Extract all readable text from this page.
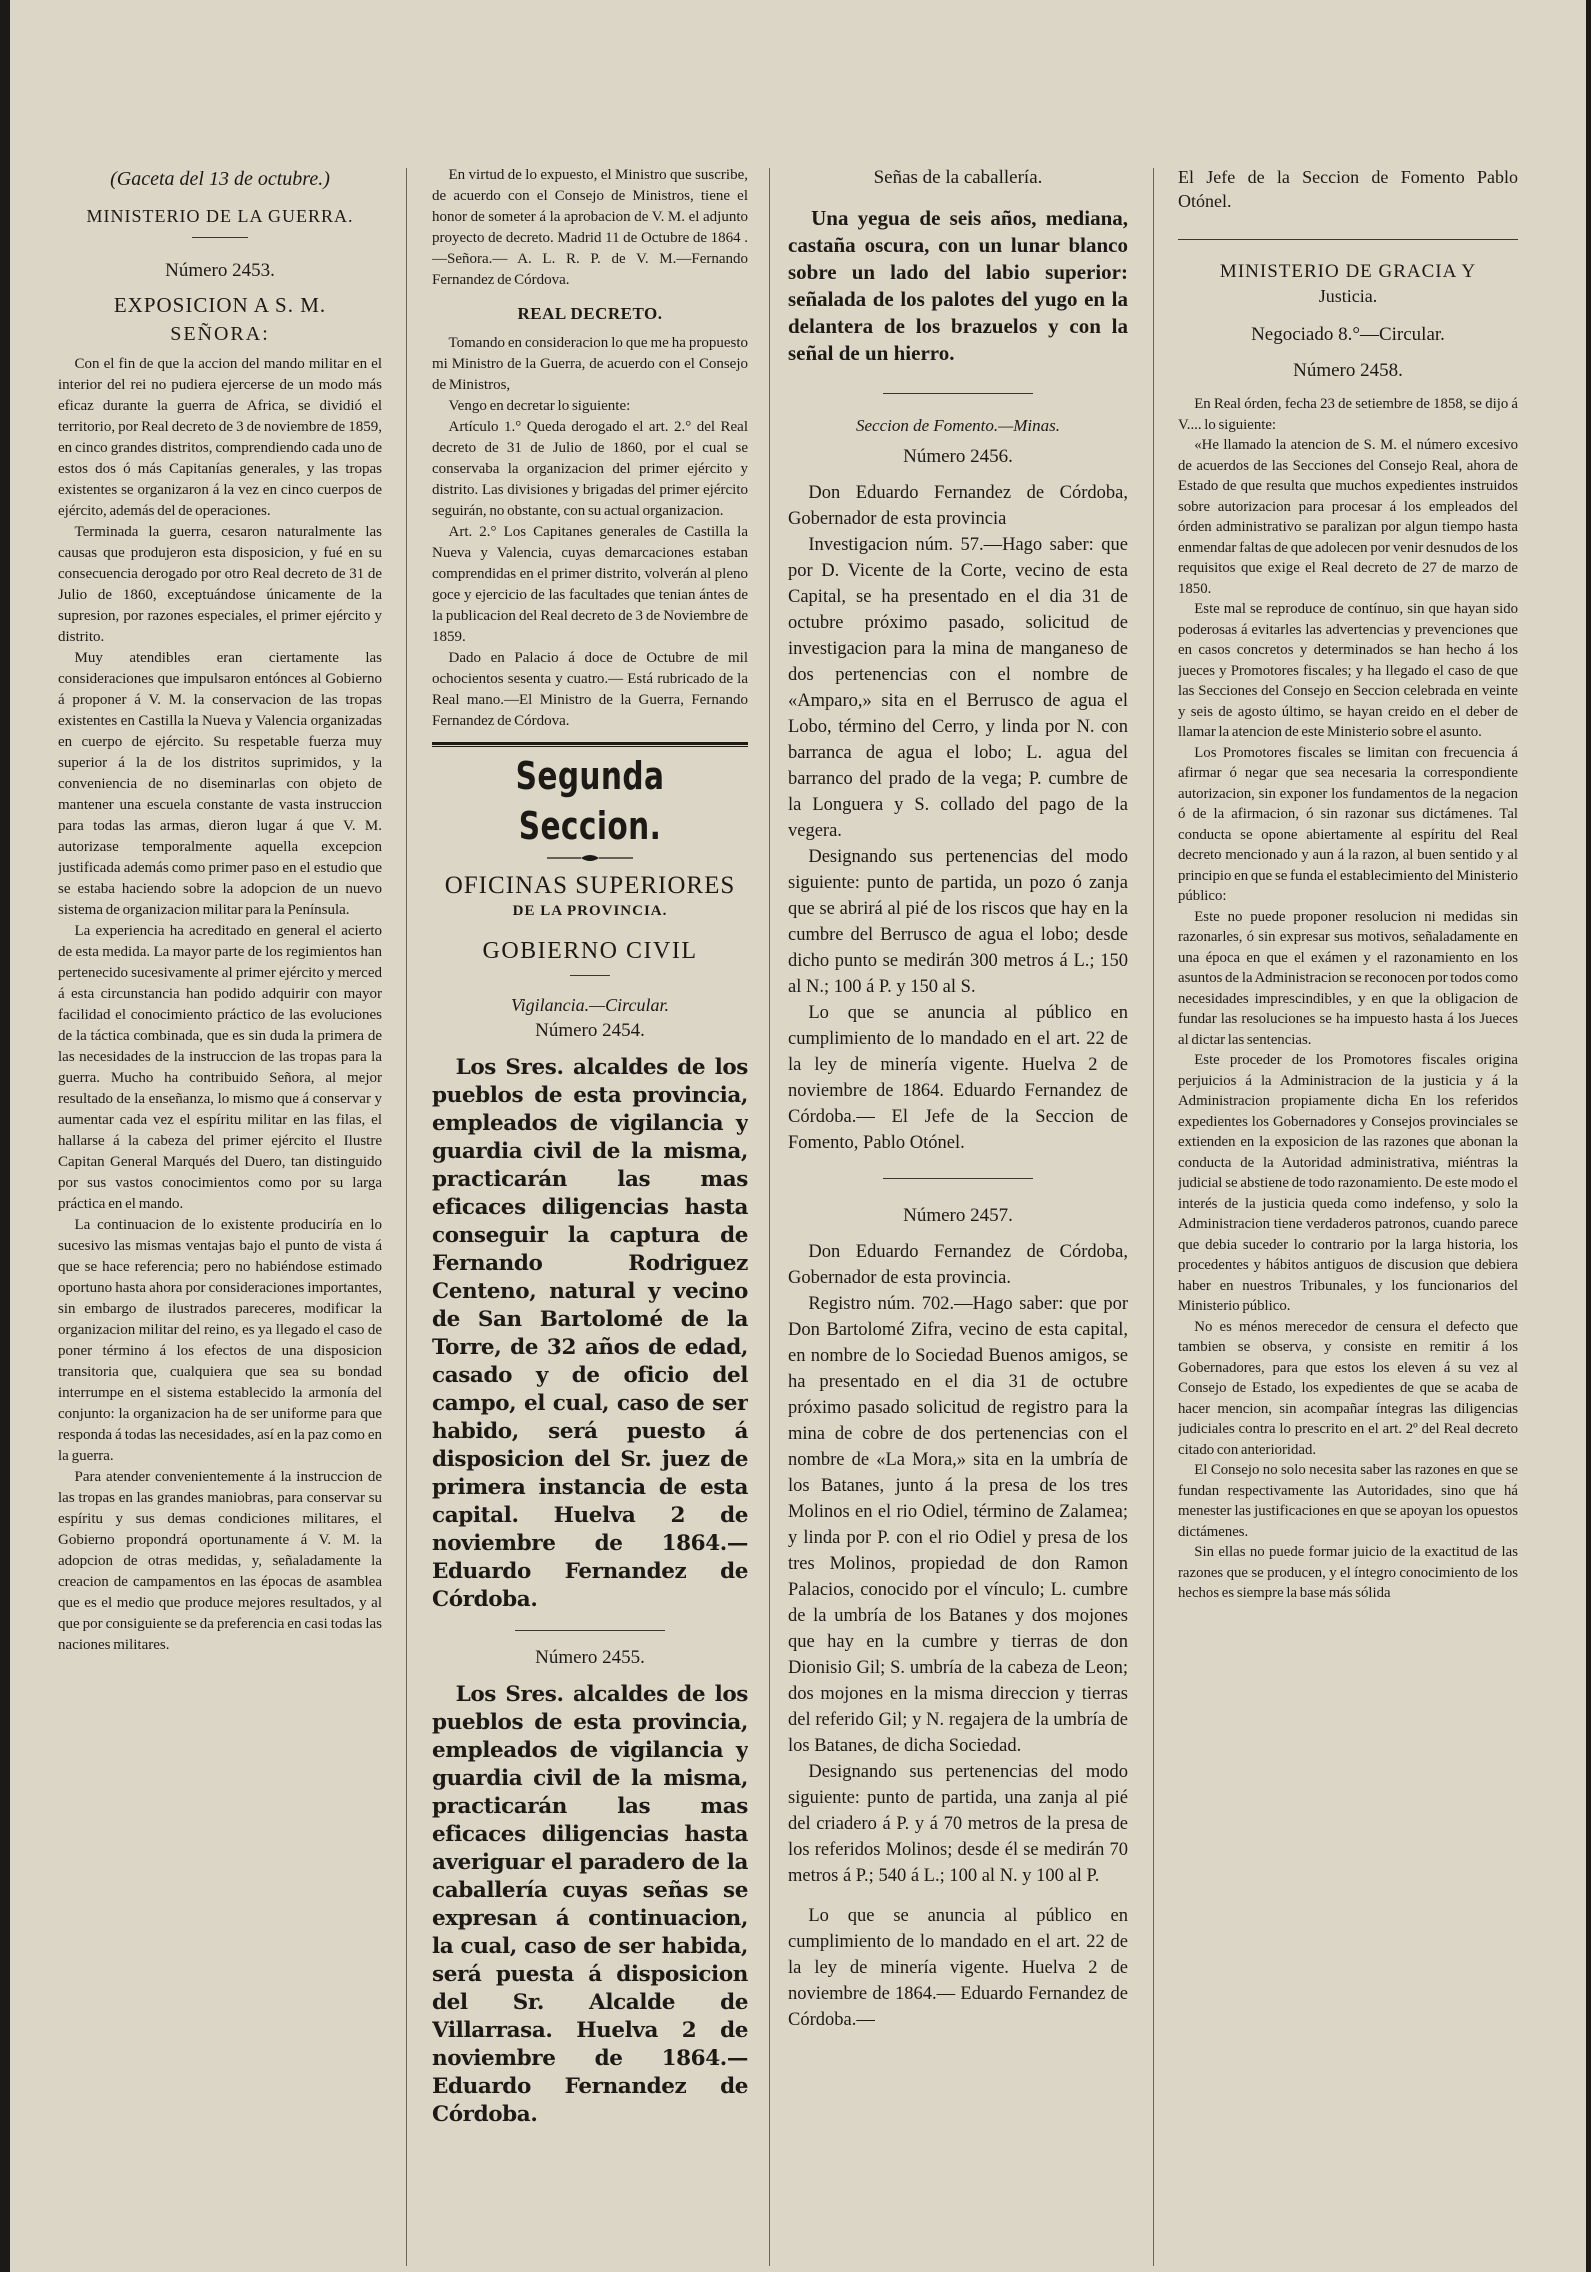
(Gaceta del 13 de octubre.)

MINISTERIO DE LA GUERRA.

Número 2453.

EXPOSICION A S. M.

SEÑORA:

Con el fin de que la accion del mando militar en el interior del rei no pudiera ejercerse de un modo más eficaz durante la guerra de Africa, se dividió el territorio, por Real decreto de 3 de noviembre de 1859, en cinco grandes distritos, comprendiendo cada uno de estos dos ó más Capitanías generales, y las tropas existentes se organizaron á la vez en cinco cuerpos de ejército, además del de operaciones.

Terminada la guerra, cesaron naturalmente las causas que produjeron esta disposicion, y fué en su consecuencia derogado por otro Real decreto de 31 de Julio de 1860, exceptuándose únicamente de la supresion, por razones especiales, el primer ejército y distrito.

Muy atendibles eran ciertamente las consideraciones que impulsaron entónces al Gobierno á proponer á V. M. la conservacion de las tropas existentes en Castilla la Nueva y Valencia organizadas en cuerpo de ejército. Su respetable fuerza muy superior á la de los distritos suprimidos, y la conveniencia de no diseminarlas con objeto de mantener una escuela constante de vasta instruccion para todas las armas, dieron lugar á que V. M. autorizase temporalmente aquella excepcion justificada además como primer paso en el estudio que se estaba haciendo sobre la adopcion de un nuevo sistema de organizacion militar para la Península.

La experiencia ha acreditado en general el acierto de esta medida. La mayor parte de los regimientos han pertenecido sucesivamente al primer ejército y merced á esta circunstancia han podido adquirir con mayor facilidad el conocimiento práctico de las evoluciones de la táctica combinada, que es sin duda la primera de las necesidades de la instruccion de las tropas para la guerra. Mucho ha contribuido Señora, al mejor resultado de la enseñanza, lo mismo que á conservar y aumentar cada vez el espíritu militar en las filas, el hallarse á la cabeza del primer ejército el Ilustre Capitan General Marqués del Duero, tan distinguido por sus vastos conocimientos como por su larga práctica en el mando.

La continuacion de lo existente produciría en lo sucesivo las mismas ventajas bajo el punto de vista á que se hace referencia; pero no habiéndose estimado oportuno hasta ahora por consideraciones importantes, sin embargo de ilustrados pareceres, modificar la organizacion militar del reino, es ya llegado el caso de poner término á los efectos de una disposicion transitoria que, cualquiera que sea su bondad interrumpe en el sistema establecido la armonía del conjunto: la organizacion ha de ser uniforme para que responda á todas las necesidades, así en la paz como en la guerra.

Para atender convenientemente á la instruccion de las tropas en las grandes maniobras, para conservar su espíritu y sus demas condiciones militares, el Gobierno propondrá oportunamente á V. M. la adopcion de otras medidas, y, señaladamente la creacion de campamentos en las épocas de asamblea que es el medio que produce mejores resultados, y al que por consiguiente se da preferencia en casi todas las naciones militares.

En virtud de lo expuesto, el Ministro que suscribe, de acuerdo con el Consejo de Ministros, tiene el honor de someter á la aprobacion de V. M. el adjunto proyecto de decreto. Madrid 11 de Octubre de 1864 .—Señora.— A. L. R. P. de V. M.—Fernando Fernandez de Córdova.

REAL DECRETO.

Tomando en consideracion lo que me ha propuesto mi Ministro de la Guerra, de acuerdo con el Consejo de Ministros,

Vengo en decretar lo siguiente:

Artículo 1.° Queda derogado el art. 2.° del Real decreto de 31 de Julio de 1860, por el cual se conservaba la organizacion del primer ejército y distrito. Las divisiones y brigadas del primer ejército seguirán, no obstante, con su actual organizacion.

Art. 2.° Los Capitanes generales de Castilla la Nueva y Valencia, cuyas demarcaciones estaban comprendidas en el primer distrito, volverán al pleno goce y ejercicio de las facultades que tenian ántes de la publicacion del Real decreto de 3 de Noviembre de 1859.

Dado en Palacio á doce de Octubre de mil ochocientos sesenta y cuatro.— Está rubricado de la Real mano.—El Ministro de la Guerra, Fernando Fernandez de Córdova.

Segunda Seccion.

OFICINAS SUPERIORES

DE LA PROVINCIA.

GOBIERNO CIVIL

Vigilancia.—Circular.

Número 2454.

Los Sres. alcaldes de los pueblos de esta provincia, empleados de vigilancia y guardia civil de la misma, practicarán las mas eficaces diligencias hasta conseguir la captura de Fernando Rodriguez Centeno, natural y vecino de San Bartolomé de la Torre, de 32 años de edad, casado y de oficio del campo, el cual, caso de ser habido, será puesto á disposicion del Sr. juez de primera instancia de esta capital. Huelva 2 de noviembre de 1864.—Eduardo Fernandez de Córdoba.

Número 2455.

Los Sres. alcaldes de los pueblos de esta provincia, empleados de vigilancia y guardia civil de la misma, practicarán las mas eficaces diligencias hasta averiguar el paradero de la caballería cuyas señas se expresan á continuacion, la cual, caso de ser habida, será puesta á disposicion del Sr. Alcalde de Villarrasa. Huelva 2 de noviembre de 1864.—Eduardo Fernandez de Córdoba.

Señas de la caballería.

Una yegua de seis años, mediana, castaña oscura, con un lunar blanco sobre un lado del labio superior: señalada de los palotes del yugo en la delantera de los brazuelos y con la señal de un hierro.

Seccion de Fomento.—Minas.

Número 2456.

Don Eduardo Fernandez de Córdoba, Gobernador de esta provincia

Investigacion núm. 57.—Hago saber: que por D. Vicente de la Corte, vecino de esta Capital, se ha presentado en el dia 31 de octubre próximo pasado, solicitud de investigacion para la mina de manganeso de dos pertenencias con el nombre de «Amparo,» sita en el Berrusco de agua el Lobo, término del Cerro, y linda por N. con barranca de agua el lobo; L. agua del barranco del prado de la vega; P. cumbre de la Longuera y S. collado del pago de la vegera.

Designando sus pertenencias del modo siguiente: punto de partida, un pozo ó zanja que se abrirá al pié de los riscos que hay en la cumbre del Berrusco de agua el lobo; desde dicho punto se medirán 300 metros á L.; 150 al N.; 100 á P. y 150 al S.

Lo que se anuncia al público en cumplimiento de lo mandado en el art. 22 de la ley de minería vigente. Huelva 2 de noviembre de 1864. Eduardo Fernandez de Córdoba.— El Jefe de la Seccion de Fomento, Pablo Otónel.

Número 2457.

Don Eduardo Fernandez de Córdoba, Gobernador de esta provincia.

Registro núm. 702.—Hago saber: que por Don Bartolomé Zifra, vecino de esta capital, en nombre de lo Sociedad Buenos amigos, se ha presentado en el dia 31 de octubre próximo pasado solicitud de registro para la mina de cobre de dos pertenencias con el nombre de «La Mora,» sita en la umbría de los Batanes, junto á la presa de los tres Molinos en el rio Odiel, término de Zalamea; y linda por P. con el rio Odiel y presa de los tres Molinos, propiedad de don Ramon Palacios, conocido por el vínculo; L. cumbre de la umbría de los Batanes y dos mojones que hay en la cumbre y tierras de don Dionisio Gil; S. umbría de la cabeza de Leon; dos mojones en la misma direccion y tierras del referido Gil; y N. regajera de la umbría de los Batanes, de dicha Sociedad.

Designando sus pertenencias del modo siguiente: punto de partida, una zanja al pié del criadero á P. y á 70 metros de la presa de los referidos Molinos; desde él se medirán 70 metros á P.; 540 á L.; 100 al N. y 100 al P.

Lo que se anuncia al público en cumplimiento de lo mandado en el art. 22 de la ley de minería vigente. Huelva 2 de noviembre de 1864.— Eduardo Fernandez de Córdoba.—

El Jefe de la Seccion de Fomento Pablo Otónel.

MINISTERIO DE GRACIA Y

Justicia.

Negociado 8.°—Circular.

Número 2458.

En Real órden, fecha 23 de setiembre de 1858, se dijo á V.... lo siguiente:

«He llamado la atencion de S. M. el número excesivo de acuerdos de las Secciones del Consejo Real, ahora de Estado de que resulta que muchos expedientes instruidos sobre autorizacion para procesar á los empleados del órden administrativo se paralizan por algun tiempo hasta enmendar faltas de que adolecen por venir desnudos de los requisitos que exige el Real decreto de 27 de marzo de 1850.

Este mal se reproduce de contínuo, sin que hayan sido poderosas á evitarles las advertencias y prevenciones que en casos concretos y determinados se han hecho á los jueces y Promotores fiscales; y ha llegado el caso de que las Secciones del Consejo en Seccion celebrada en veinte y seis de agosto último, se hayan creido en el deber de llamar la atencion de este Ministerio sobre el asunto.

Los Promotores fiscales se limitan con frecuencia á afirmar ó negar que sea necesaria la correspondiente autorizacion, sin exponer los fundamentos de la negacion ó de la afirmacion, ó sin razonar sus dictámenes. Tal conducta se opone abiertamente al espíritu del Real decreto mencionado y aun á la razon, al buen sentido y al principio en que se funda el establecimiento del Ministerio público:

Este no puede proponer resolucion ni medidas sin razonarles, ó sin expresar sus motivos, señaladamente en una época en que el exámen y el razonamiento en los asuntos de la Administracion se reconocen por todos como necesidades imprescindibles, y en que la obligacion de fundar las resoluciones se ha impuesto hasta á los Jueces al dictar las sentencias.

Este proceder de los Promotores fiscales origina perjuicios á la Administracion de la justicia y á la Administracion propiamente dicha En los referidos expedientes los Gobernadores y Consejos provinciales se extienden en la exposicion de las razones que abonan la conducta de la Autoridad administrativa, miéntras la judicial se abstiene de todo razonamiento. De este modo el interés de la justicia queda como indefenso, y solo la Administracion tiene verdaderos patronos, cuando parece que debia suceder lo contrario por la larga historia, los procedentes y hábitos antiguos de discusion que debiera haber en nuestros Tribunales, y los funcionarios del Ministerio público.

No es ménos merecedor de censura el defecto que tambien se observa, y consiste en remitir á los Gobernadores, para que estos los eleven á su vez al Consejo de Estado, los expedientes de que se acaba de hacer mencion, sin acompañar íntegras las diligencias judiciales contra lo prescrito en el art. 2º del Real decreto citado con anterioridad.

El Consejo no solo necesita saber las razones en que se fundan respectivamente las Autoridades, sino que há menester las justificaciones en que se apoyan los opuestos dictámenes.

Sin ellas no puede formar juicio de la exactitud de las razones que se producen, y el íntegro conocimiento de los hechos es siempre la base más sólida
